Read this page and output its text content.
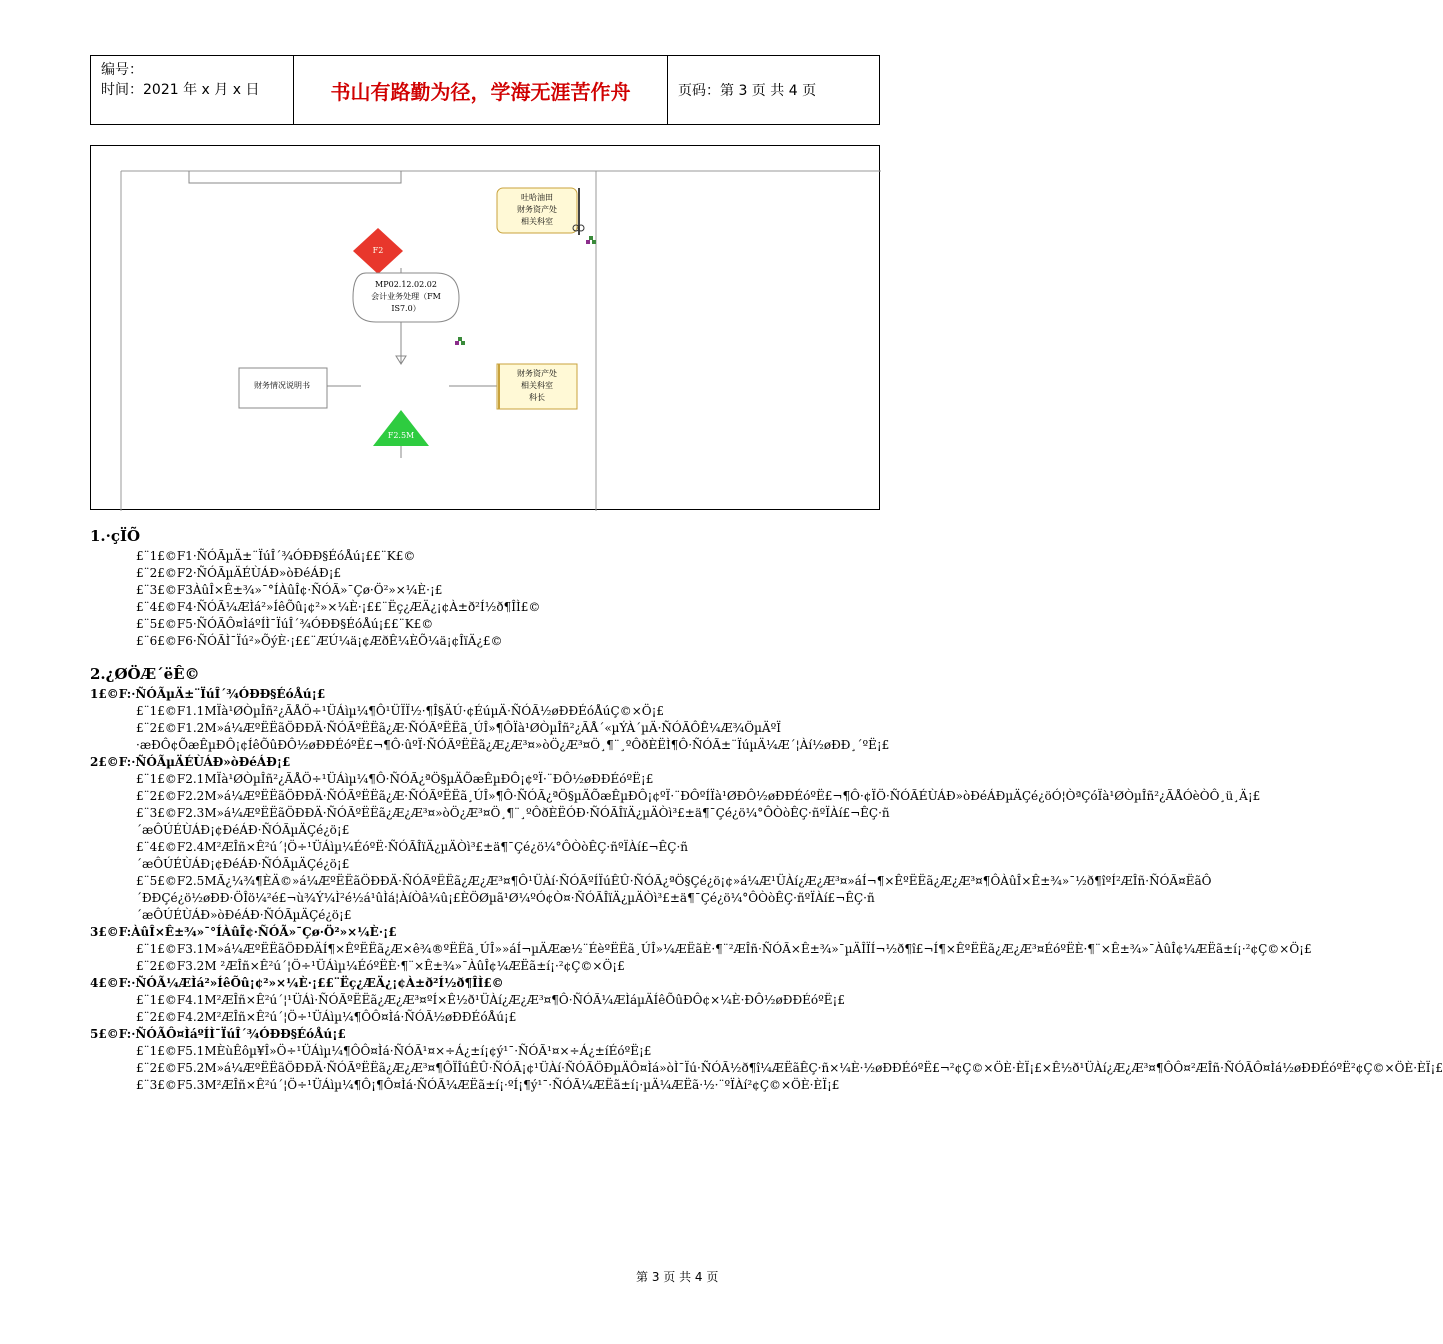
编号：
时间：2021 年 x 月 x 日	书山有路勤为径，学海无涯苦作舟	页码：第 3 页 共 4 页
吐哈油田
财务资产处
相关科室
F2
MP02.12.02.02
会计业务处理（FM
IS7.0）
财务情况说明书
财务资产处
相关科室
科长
F2.5M
1.·çÏÕ
£¨1£©F1·ÑÓÃµÄ±¨ÏúÎ´¾ÓÐÐ§ÉóÅú¡££¨K£©
£¨2£©F2·ÑÓÃµÄÉÙÁÐ»òÐéÁÐ¡£
£¨3£©F3ÀûÎ×Ê±¾»¯°ÍÀûÎ¢·ÑÓÃ»¯Çø·Ö²»×¼È·¡£
£¨4£©F4·ÑÓÃ¼ÆÌá²»ÍêÕû¡¢²»×¼È·¡££¨Ëç¿ÆÄ¿¡¢À±ð²Í½ð¶ÎÌ£©
£¨5£©F5·ÑÓÃÔ¤ÌáºÍÌ¯ÏúÎ´¾ÓÐÐ§ÉóÅú¡££¨K£©
£¨6£©F6·ÑÓÃÌ¯Ïú²»ÕýÈ·¡££¨ÆÚ¼ä¡¢ÆðÊ¼ÈÕ¼ä¡¢ÎïÄ¿£©
2.¿ØÖÆ´ëÊ©
1£©F:·ÑÓÃµÄ±¨ÏúÎ´¾ÓÐÐ§ÉóÅú¡£
£¨1£©F1.1MÏà¹ØÒµÎñ²¿ÃÅÖ÷¹ÜÁìµ¼¶Ô¹ÜÏÏ½·¶Î§ÄÚ·¢ÉúµÄ·ÑÓÃ½øÐÐÉóÅúÇ©×Ö¡£
£¨2£©F1.2M»á¼ÆºËËãÖÐÐÄ·ÑÓÃºËËã¿Æ·ÑÓÃºËËã¸ÚÎ»¶ÔÏà¹ØÒµÎñ²¿ÃÅ´«µÝÀ´µÄ·ÑÓÃÔÊ¼Æ¾ÖµÄºÏ ·æÐÔ¢ÕæÊµÐÔ¡¢ÍêÕûÐÔ½øÐÐÉóºË£¬¶Ô·ûºÏ·ÑÓÃºËËã¿Æ¿Æ³¤»òÖ¿Æ³¤Ö¸¶¨¸ºÔðÈËÌ¶Ô·ÑÓÃ±¨ÏúµÄ¼Æ´¦Àí½øÐÐ¸´ºË¡£
2£©F:·ÑÓÃµÄÉÙÁÐ»òÐéÁÐ¡£
£¨1£©F2.1MÏà¹ØÒµÎñ²¿ÃÅÖ÷¹ÜÁìµ¼¶Ô·ÑÓÃ¿ªÖ§µÄÕæÊµÐÔ¡¢ºÏ·¨ÐÔ½øÐÐÉóºË¡£
£¨2£©F2.2M»á¼ÆºËËãÖÐÐÄ·ÑÓÃºËËã¿Æ·ÑÓÃºËËã¸ÚÎ»¶Ô·ÑÓÃ¿ªÖ§µÄÕæÊµÐÔ¡¢ºÏ·¨ÐÔºÍÏà¹ØÐÔ½øÐÐÉóºË£¬¶Ô·¢ÏÖ·ÑÓÃÉÙÁÐ»òÐéÁÐµÄÇé¿öÓ¦ÒªÇóÏà¹ØÒµÎñ²¿ÃÅÓèÒÔ¸ü¸Ä¡£
£¨3£©F2.3M»á¼ÆºËËãÖÐÐÄ·ÑÓÃºËËã¿Æ¿Æ³¤»òÖ¿Æ³¤Ö¸¶¨¸ºÔðÈËÓÐ·ÑÓÃÎïÄ¿µÄÒì³£±ä¶¯Çé¿ö¼°ÔÒòÊÇ·ñºÏÀí£¬ÊÇ·ñ´æÔÚÉÙÁÐ¡¢ÐéÁÐ·ÑÓÃµÄÇé¿ö¡£
£¨4£©F2.4M²ÆÎñ×Ê²ú´¦Ö÷¹ÜÁìµ¼ÉóºË·ÑÓÃÎïÄ¿µÄÒì³£±ä¶¯Çé¿ö¼°ÔÒòÊÇ·ñºÏÀí£¬ÊÇ·ñ´æÔÚÉÙÁÐ¡¢ÐéÁÐ·ÑÓÃµÄÇé¿ö¡£
£¨5£©F2.5MÃ¿¼¾¶ÈÄ©»á¼ÆºËËãÖÐÐÄ·ÑÓÃºËËã¿Æ¿Æ³¤¶Ô¹ÜÀí·ÑÓÃºÍÏúÊÛ·ÑÓÃ¿ªÖ§Çé¿ö¡¢»á¼Æ¹ÜÀí¿Æ¿Æ³¤»áÍ¬¶×ÊºËËã¿Æ¿Æ³¤¶ÔÀûÎ×Ê±¾»¯½ð¶îºÍ²ÆÎñ·ÑÓÃ¤ËãÔ´ÐÐÇé¿ö½øÐÐ·ÖÎö¼²é£¬ù¾Ý¼Ì²é½á¹ûÌá¦ÀíÒâ¼û¡£ÈÖØµã¹Ø¼ºÓ¢Ò¤·ÑÓÃÎïÄ¿µÄÒì³£±ä¶¯Çé¿ö¼°ÔÒòÊÇ·ñºÏÀí£¬ÊÇ·ñ´æÔÚÉÙÁÐ»òÐéÁÐ·ÑÓÃµÄÇé¿ö¡£
3£©F:ÀûÎ×Ê±¾»¯°ÍÀûÎ¢·ÑÓÃ»¯Çø·Ö²»×¼È·¡£
£¨1£©F3.1M»á¼ÆºËËãÖÐÐÄÍ¶×ÊºËËã¿Æ×ê¾®ºËËã¸ÚÎ»»áÍ¬µÄÆæ½¨ÉèºËËã¸ÚÎ»¼ÆËãÈ·¶¨²ÆÎñ·ÑÓÃ×Ê±¾»¯µÄÎÏÍ¬½ð¶î£¬Í¶×ÊºËËã¿Æ¿Æ³¤ÉóºËÈ·¶¨×Ê±¾»¯ÀûÎ¢¼ÆËã±í¡·²¢Ç©×Ö¡£
£¨2£©F3.2M ²ÆÎñ×Ê²ú´¦Ö÷¹ÜÁìµ¼ÉóºËÈ·¶¨×Ê±¾»¯ÀûÎ¢¼ÆËã±í¡·²¢Ç©×Ö¡£
4£©F:·ÑÓÃ¼ÆÌá²»ÍêÕû¡¢²»×¼È·¡££¨Ëç¿ÆÄ¿¡¢À±ð²Í½ð¶ÎÌ£©
£¨1£©F4.1M²ÆÎñ×Ê²ú´¦¹ÜÁì·ÑÓÃºËËã¿Æ¿Æ³¤ºÍ×Ê½ð¹ÜÀí¿Æ¿Æ³¤¶Ô·ÑÓÃ¼ÆÌáµÄÍêÕûÐÔ¢×¼È·ÐÔ½øÐÐÉóºË¡£
£¨2£©F4.2M²ÆÎñ×Ê²ú´¦Ö÷¹ÜÁìµ¼¶ÔÔ¤Ìá·ÑÓÃ½øÐÐÉóÅú¡£
5£©F:·ÑÓÃÔ¤ÌáºÍÌ¯ÏúÎ´¾ÓÐÐ§ÉóÅú¡£
£¨1£©F5.1MÈùÊôµ¥Î»Ö÷¹ÜÁìµ¼¶ÔÔ¤Ìá·ÑÓÃ¹¤×÷Á¿±í¡¢ý¹¯·ÑÓÃ¹¤×÷Á¿±íÉóºË¡£
£¨2£©F5.2M»á¼ÆºËËãÖÐÐÄ·ÑÓÃºËËã¿Æ¿Æ³¤¶ÔÏÎúÊÛ·ÑÓÃ¡¢¹ÜÀí·ÑÓÃÖÐµÄÔ¤Ìá»òÌ¯Ïú·ÑÓÃ½ð¶î¼ÆËãÊÇ·ñ×¼È·½øÐÐÉóºË£¬²¢Ç©×ÖÈ·ÈÏ¡£×Ê½ð¹ÜÀí¿Æ¿Æ³¤¶ÔÔ¤²ÆÎñ·ÑÓÃÔ¤Ìá½øÐÐÉóºË²¢Ç©×ÖÈ·ÈÏ¡£
£¨3£©F5.3M²ÆÎñ×Ê²ú´¦Ö÷¹ÜÁìµ¼¶Ô¡¶Ô¤Ìá·ÑÓÃ¼ÆËã±í¡·ºÍ¡¶ý¹¯·ÑÓÃ¼ÆËã±í¡·µÄ¼ÆËã·½·¨ºÏÀí²¢Ç©×ÖÈ·ÈÏ¡£
第 3 页 共 4 页
